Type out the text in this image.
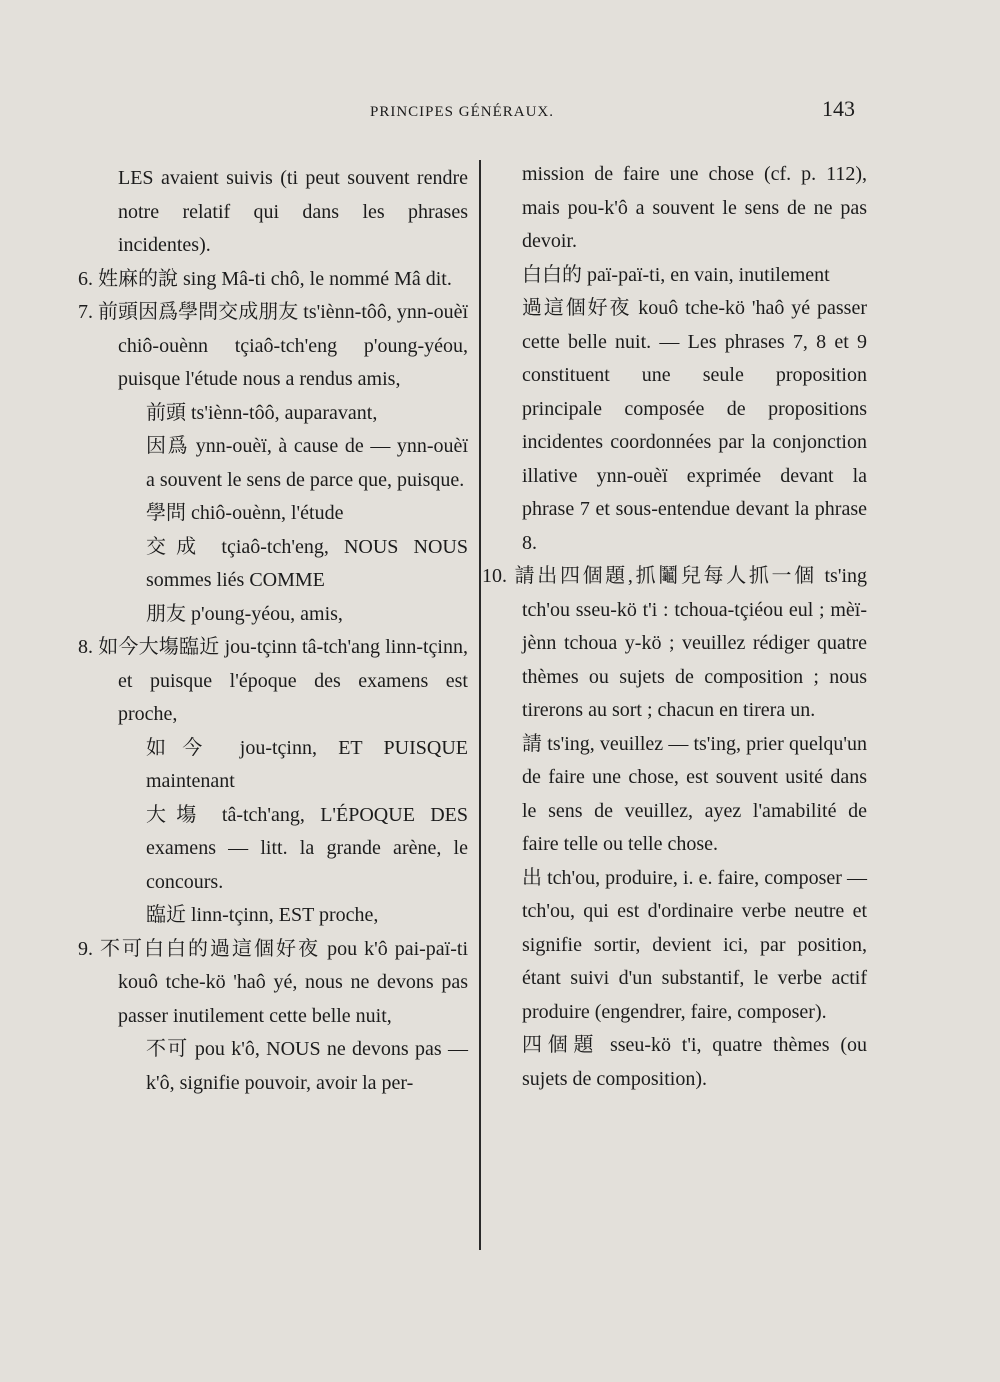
PRINCIPES GÉNÉRAUX.	143

LES avaient suivis (ti peut souvent rendre notre relatif qui dans les phrases incidentes).

6. 姓麻的說 sing Mâ-ti chô, le nommé Mâ dit.

7. 前頭因爲學問交成朋友 ts'iènn-tôô, ynn-ouèï chiô-ouènn tçiaô-tch'eng p'oung-yéou, puisque l'étude nous a rendus amis,

前頭 ts'iènn-tôô, auparavant,

因爲 ynn-ouèï, à cause de — ynn-ouèï a souvent le sens de parce que, puisque.

學問 chiô-ouènn, l'étude

交成 tçiaô-tch'eng, NOUS NOUS sommes liés COMME

朋友 p'oung-yéou, amis,

8. 如今大塲臨近 jou-tçinn tâ-tch'ang linn-tçinn, et puisque l'époque des examens est proche,

如今 jou-tçinn, ET PUISQUE maintenant

大塲 tâ-tch'ang, L'ÉPOQUE DES examens — litt. la grande arène, le concours.

臨近 linn-tçinn, EST proche,

9. 不可白白的過這個好夜 pou k'ô pai-paï-ti kouô tche-kö 'haô yé, nous ne devons pas passer inutilement cette belle nuit,

不可 pou k'ô, NOUS ne devons pas — k'ô, signifie pouvoir, avoir la per-

mission de faire une chose (cf. p. 112), mais pou-k'ô a souvent le sens de ne pas devoir.

白白的 paï-paï-ti, en vain, inutilement

過這個好夜 kouô tche-kö 'haô yé passer cette belle nuit. — Les phrases 7, 8 et 9 constituent une seule proposition principale composée de propositions incidentes coordonnées par la conjonction illative ynn-ouèï exprimée devant la phrase 7 et sous-entendue devant la phrase 8.

10. 請出四個題,抓鬮兒每人抓一個 ts'ing tch'ou sseu-kö t'i : tchoua-tçiéou eul ; mèï-jènn tchoua y-kö ; veuillez rédiger quatre thèmes ou sujets de composition ; nous tirerons au sort ; chacun en tirera un.

請 ts'ing, veuillez — ts'ing, prier quelqu'un de faire une chose, est souvent usité dans le sens de veuillez, ayez l'amabilité de faire telle ou telle chose.

出 tch'ou, produire, i. e. faire, composer — tch'ou, qui est d'ordinaire verbe neutre et signifie sortir, devient ici, par position, étant suivi d'un substantif, le verbe actif produire (engendrer, faire, composer).

四個題 sseu-kö t'i, quatre thèmes (ou sujets de composition).
